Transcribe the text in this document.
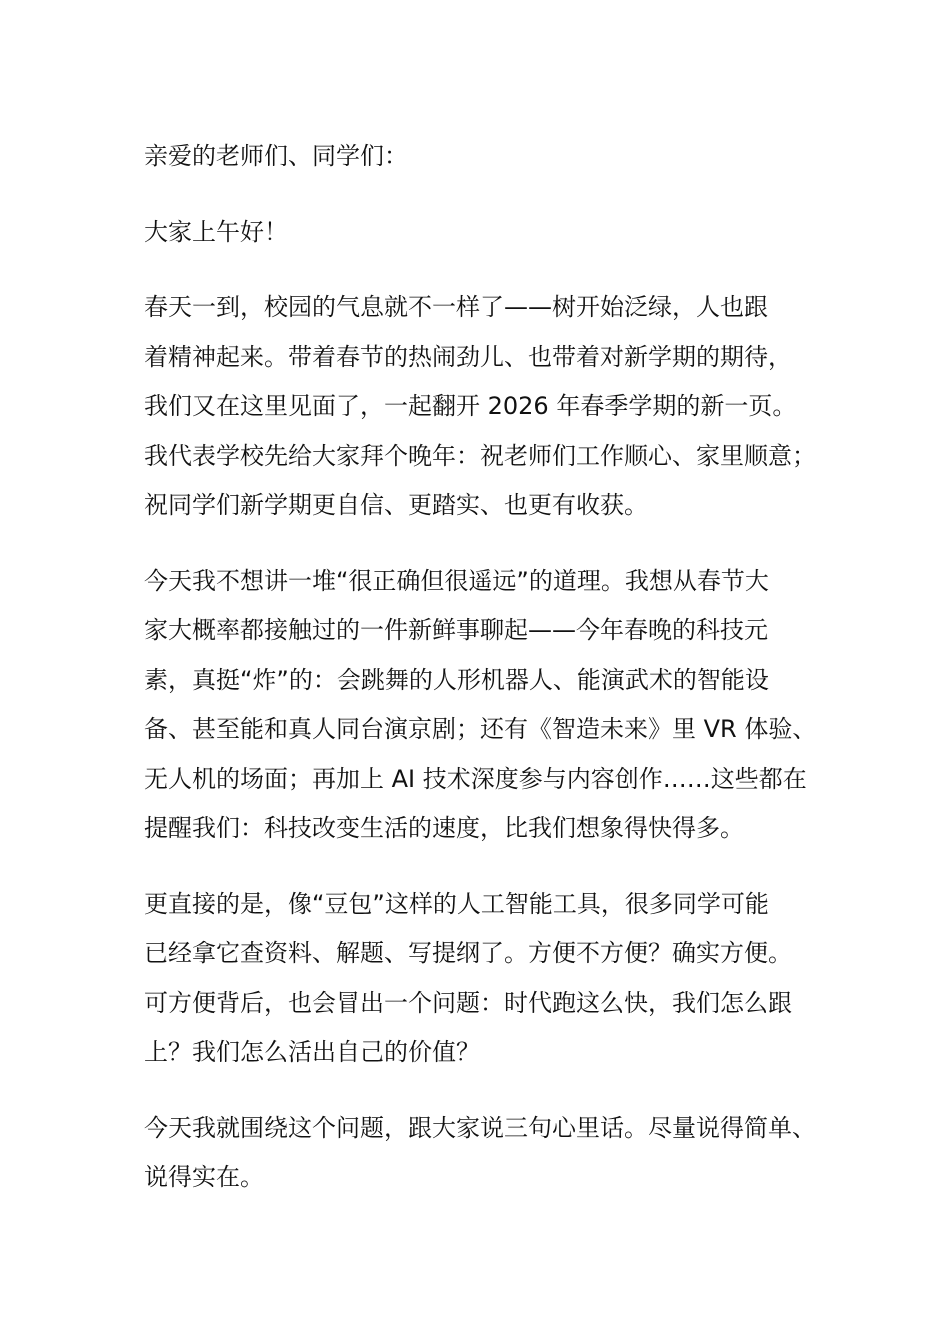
亲爱的老师们、同学们：

大家上午好！

春天一到，校园的气息就不一样了——树开始泛绿，人也跟
着精神起来。带着春节的热闹劲儿、也带着对新学期的期待，
我们又在这里见面了，一起翻开 2026 年春季学期的新一页。
我代表学校先给大家拜个晚年：祝老师们工作顺心、家里顺意；
祝同学们新学期更自信、更踏实、也更有收获。

今天我不想讲一堆“很正确但很遥远”的道理。我想从春节大
家大概率都接触过的一件新鲜事聊起——今年春晚的科技元
素，真挺“炸”的：会跳舞的人形机器人、能演武术的智能设
备、甚至能和真人同台演京剧；还有《智造未来》里 VR 体验、
无人机的场面；再加上 AI 技术深度参与内容创作……这些都在
提醒我们：科技改变生活的速度，比我们想象得快得多。

更直接的是，像“豆包”这样的人工智能工具，很多同学可能
已经拿它查资料、解题、写提纲了。方便不方便？确实方便。
可方便背后，也会冒出一个问题：时代跑这么快，我们怎么跟
上？我们怎么活出自己的价值？

今天我就围绕这个问题，跟大家说三句心里话。尽量说得简单、
说得实在。
